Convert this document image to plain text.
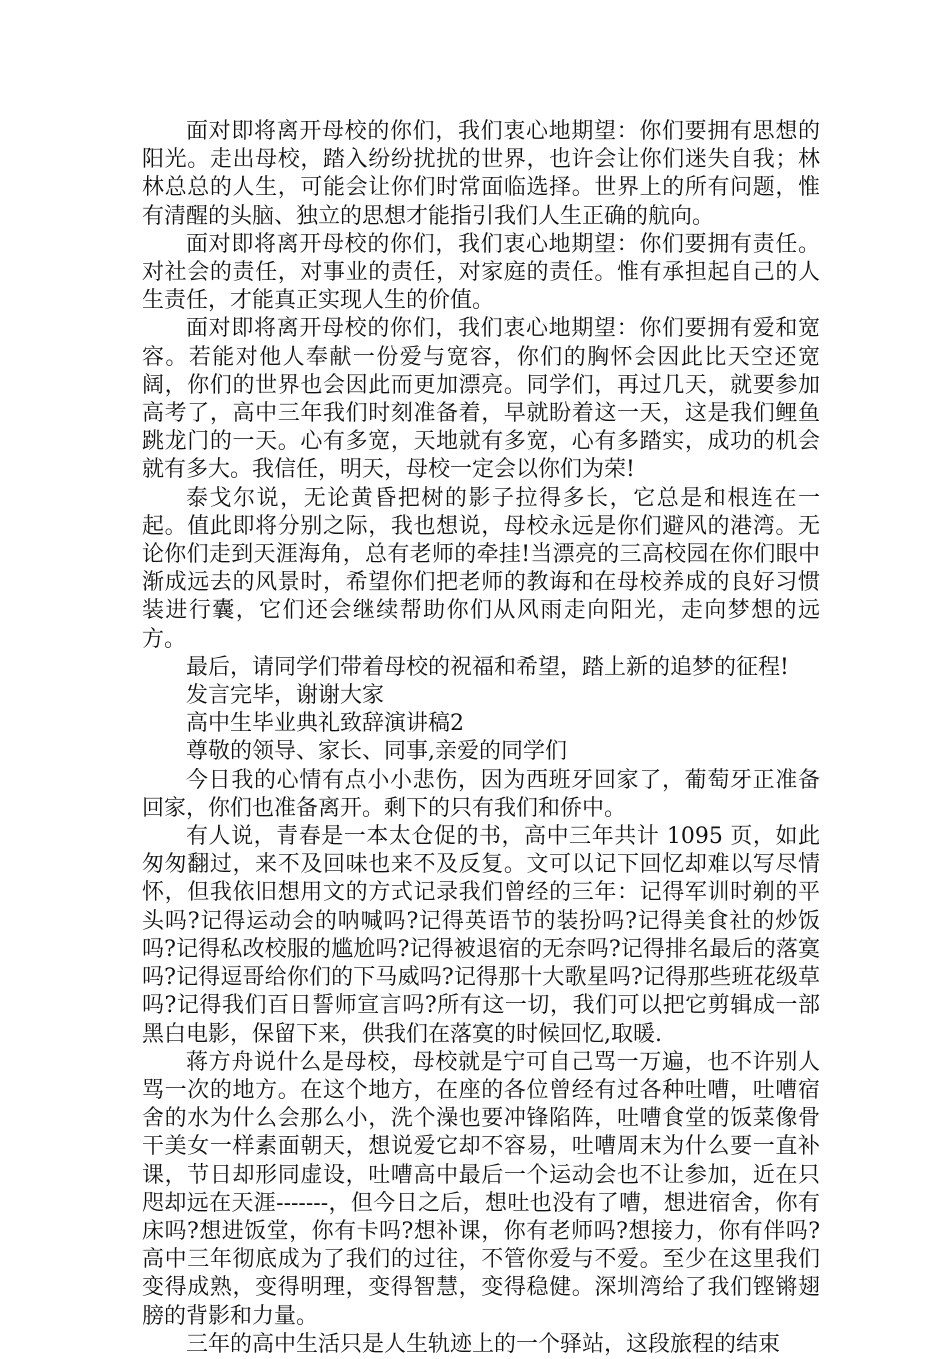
面对即将离开母校的你们，我们衷心地期望：你们要拥有思想的阳光。走出母校，踏入纷纷扰扰的世界，也许会让你们迷失自我；林林总总的人生，可能会让你们时常面临选择。世界上的所有问题，惟有清醒的头脑、独立的思想才能指引我们人生正确的航向。

面对即将离开母校的你们，我们衷心地期望：你们要拥有责任。对社会的责任，对事业的责任，对家庭的责任。惟有承担起自己的人生责任，才能真正实现人生的价值。

面对即将离开母校的你们，我们衷心地期望：你们要拥有爱和宽容。若能对他人奉献一份爱与宽容，你们的胸怀会因此比天空还宽阔，你们的世界也会因此而更加漂亮。同学们，再过几天，就要参加高考了，高中三年我们时刻准备着，早就盼着这一天，这是我们鲤鱼跳龙门的一天。心有多宽，天地就有多宽，心有多踏实，成功的机会就有多大。我信任，明天，母校一定会以你们为荣!

泰戈尔说，无论黄昏把树的影子拉得多长，它总是和根连在一起。值此即将分别之际，我也想说，母校永远是你们避风的港湾。无论你们走到天涯海角，总有老师的牵挂!当漂亮的三高校园在你们眼中渐成远去的风景时，希望你们把老师的教诲和在母校养成的良好习惯装进行囊，它们还会继续帮助你们从风雨走向阳光，走向梦想的远方。

最后，请同学们带着母校的祝福和希望，踏上新的追梦的征程!

发言完毕，谢谢大家

高中生毕业典礼致辞演讲稿2

尊敬的领导、家长、同事,亲爱的同学们

今日我的心情有点小小悲伤，因为西班牙回家了，葡萄牙正准备回家，你们也准备离开。剩下的只有我们和侨中。

有人说，青春是一本太仓促的书，高中三年共计 1095 页，如此匆匆翻过，来不及回味也来不及反复。文可以记下回忆却难以写尽情怀，但我依旧想用文的方式记录我们曾经的三年：记得军训时剃的平头吗?记得运动会的呐喊吗?记得英语节的装扮吗?记得美食社的炒饭吗?记得私改校服的尴尬吗?记得被退宿的无奈吗?记得排名最后的落寞吗?记得逗哥给你们的下马威吗?记得那十大歌星吗?记得那些班花级草吗?记得我们百日誓师宣言吗?所有这一切，我们可以把它剪辑成一部黑白电影，保留下来，供我们在落寞的时候回忆,取暖.

蒋方舟说什么是母校，母校就是宁可自己骂一万遍，也不许别人骂一次的地方。在这个地方，在座的各位曾经有过各种吐嘈，吐嘈宿舍的水为什么会那么小，洗个澡也要冲锋陷阵，吐嘈食堂的饭菜像骨干美女一样素面朝天，想说爱它却不容易，吐嘈周末为什么要一直补课，节日却形同虚设，吐嘈高中最后一个运动会也不让参加，近在只咫却远在天涯-------，但今日之后，想吐也没有了嘈，想进宿舍，你有床吗?想进饭堂，你有卡吗?想补课，你有老师吗?想接力，你有伴吗?高中三年彻底成为了我们的过往，不管你爱与不爱。至少在这里我们变得成熟，变得明理，变得智慧，变得稳健。深圳湾给了我们铿锵翅膀的背影和力量。

三年的高中生活只是人生轨迹上的一个驿站，这段旅程的结束
